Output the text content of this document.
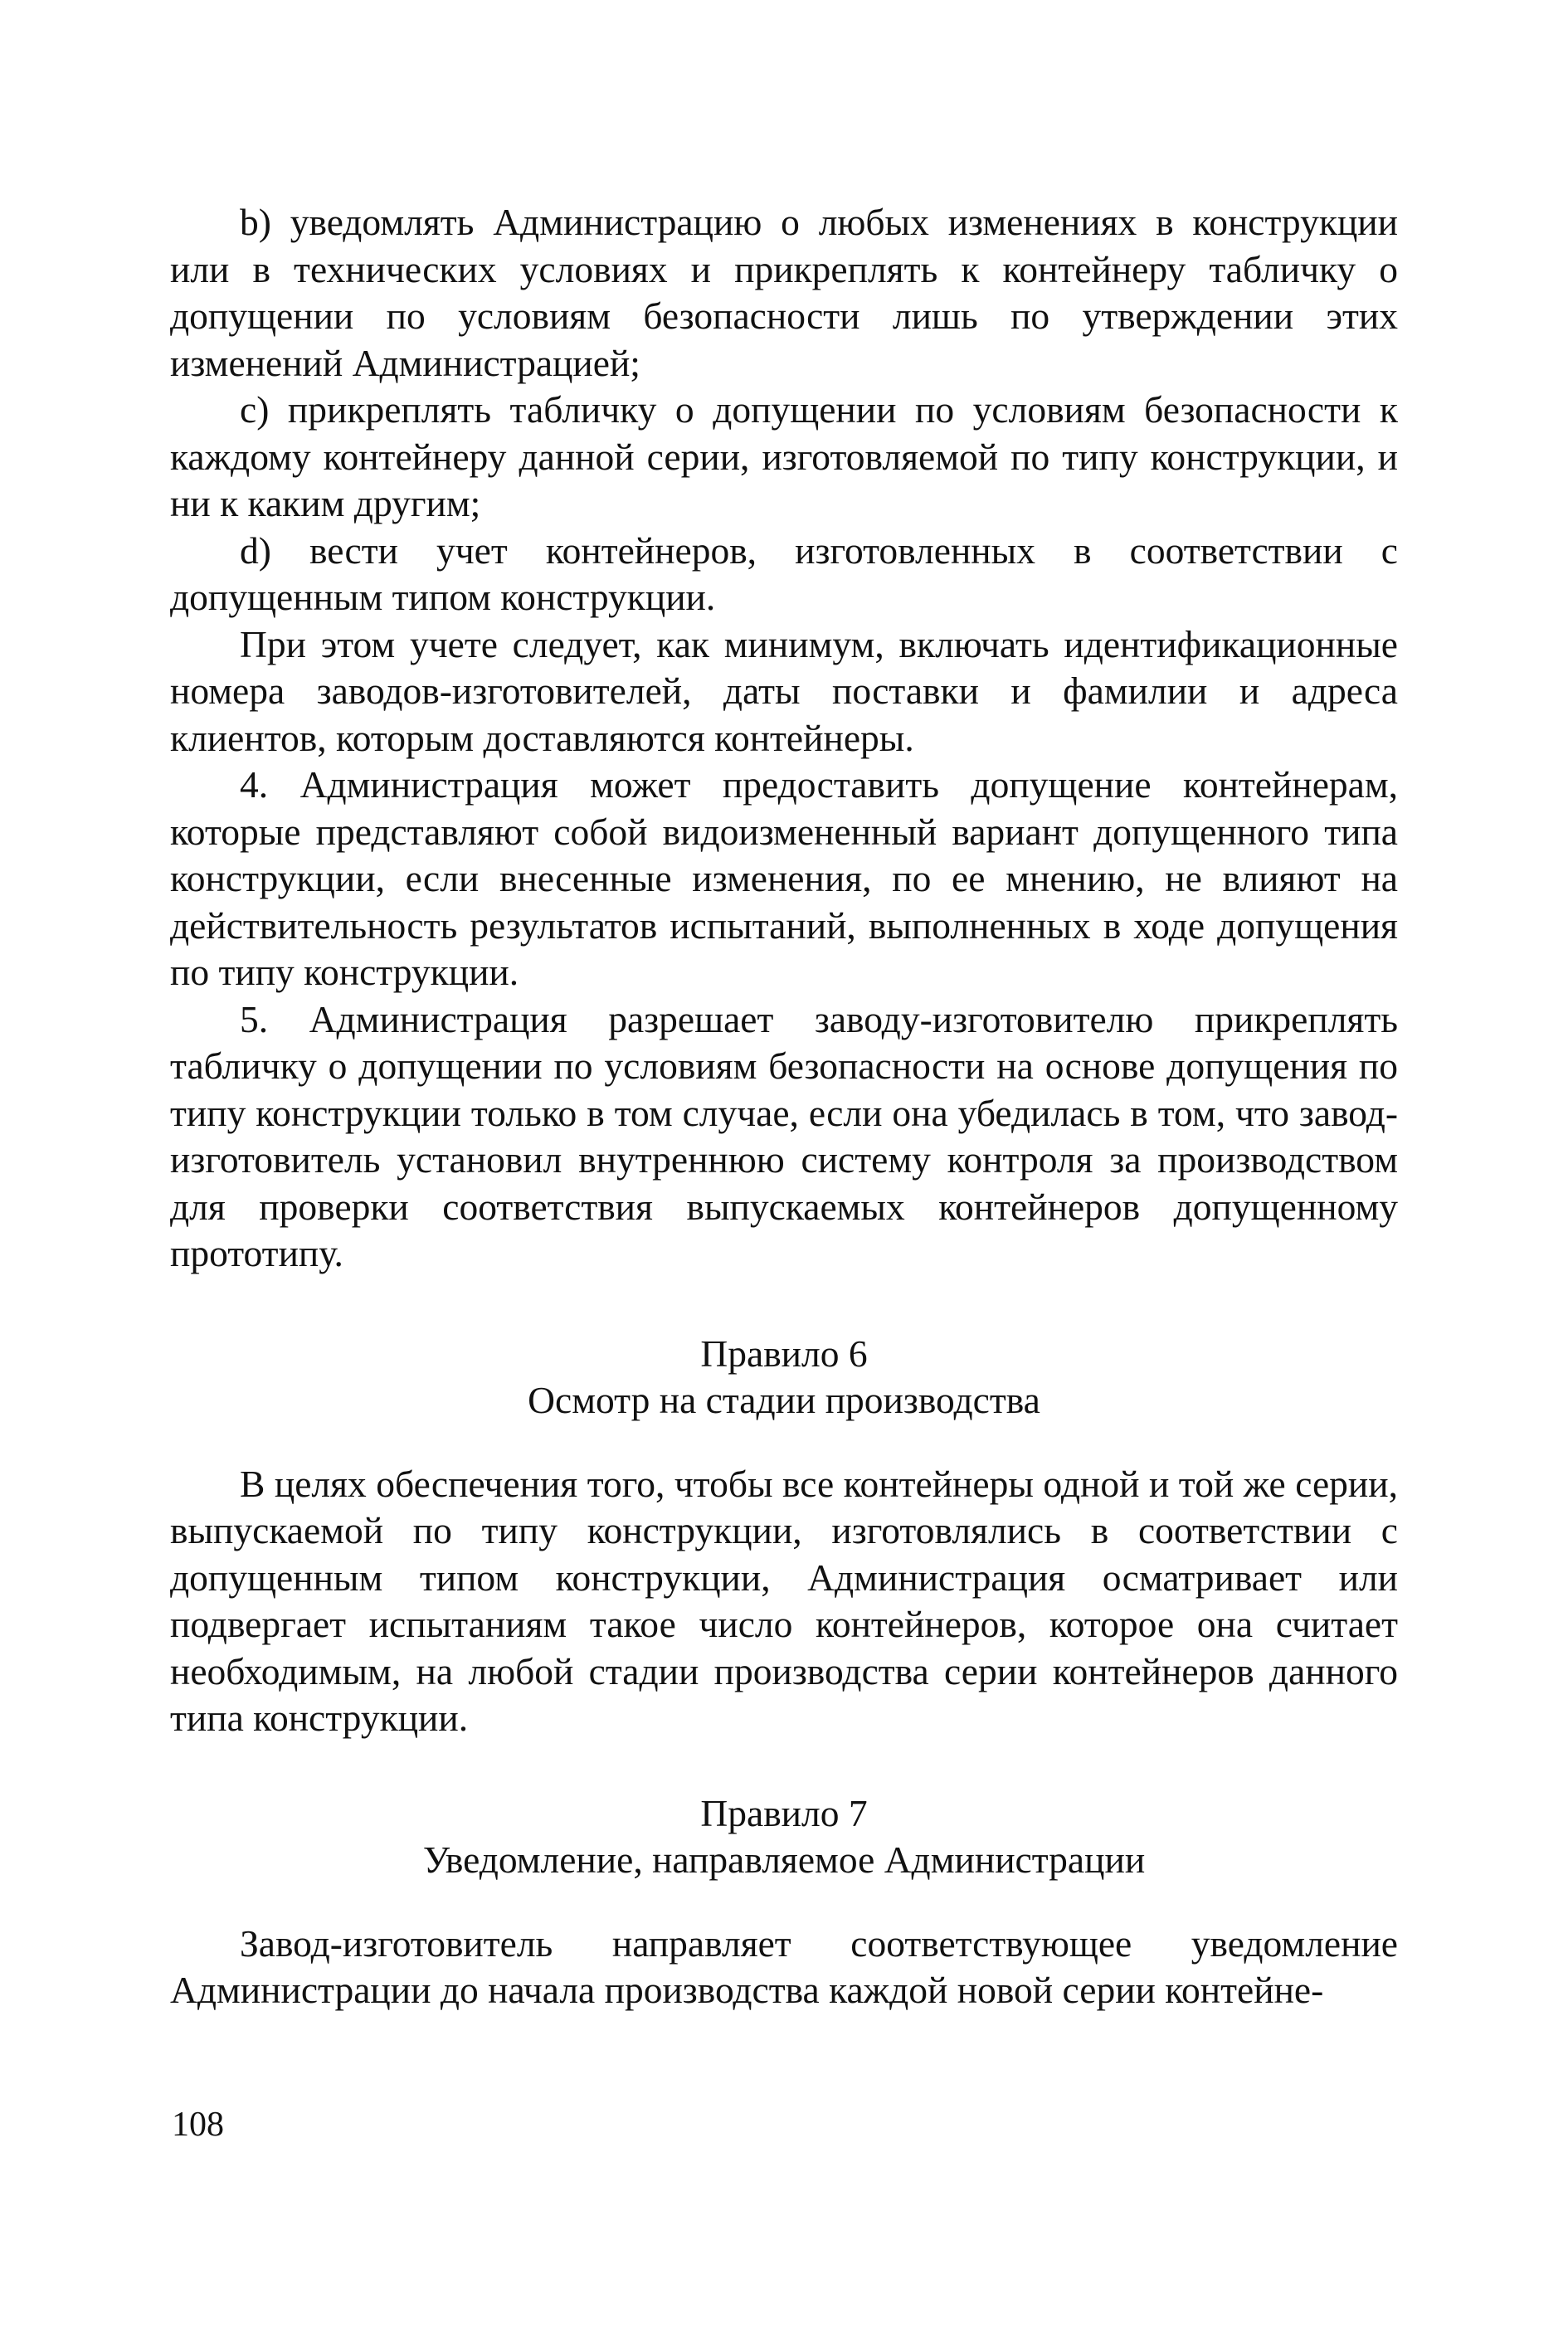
b) уведомлять Администрацию о любых изменениях в конструкции или в технических условиях и прикреплять к контейнеру табличку о допущении по условиям безопасности лишь по утверждении этих изменений Администрацией;

c) прикреплять табличку о допущении по условиям безопасности к каждому контейнеру данной серии, изготовляемой по типу конструкции, и ни к каким другим;

d) вести учет контейнеров, изготовленных в соответствии с допущенным типом конструкции.

При этом учете следует, как минимум, включать идентификационные номера заводов-изготовителей, даты поставки и фамилии и адреса клиентов, которым доставляются контейнеры.

4. Администрация может предоставить допущение контейнерам, которые представляют собой видоизмененный вариант допущенного типа конструкции, если внесенные изменения, по ее мнению, не влияют на действительность результатов испытаний, выполненных в ходе допущения по типу конструкции.

5. Администрация разрешает заводу-изготовителю прикреплять табличку о допущении по условиям безопасности на основе допущения по типу конструкции только в том случае, если она убедилась в том, что завод-изготовитель установил внутреннюю систему контроля за производством для проверки соответствия выпускаемых контейнеров допущенному прототипу.

Правило 6

Осмотр на стадии производства

В целях обеспечения того, чтобы все контейнеры одной и той же серии, выпускаемой по типу конструкции, изготовлялись в соответствии с допущенным типом конструкции, Администрация осматривает или подвергает испытаниям такое число контейнеров, которое она считает необходимым, на любой стадии производства серии контейнеров данного типа конструкции.

Правило 7

Уведомление, направляемое Администрации

Завод-изготовитель направляет соответствующее уведомление Администрации до начала производства каждой новой серии контейне-

108
